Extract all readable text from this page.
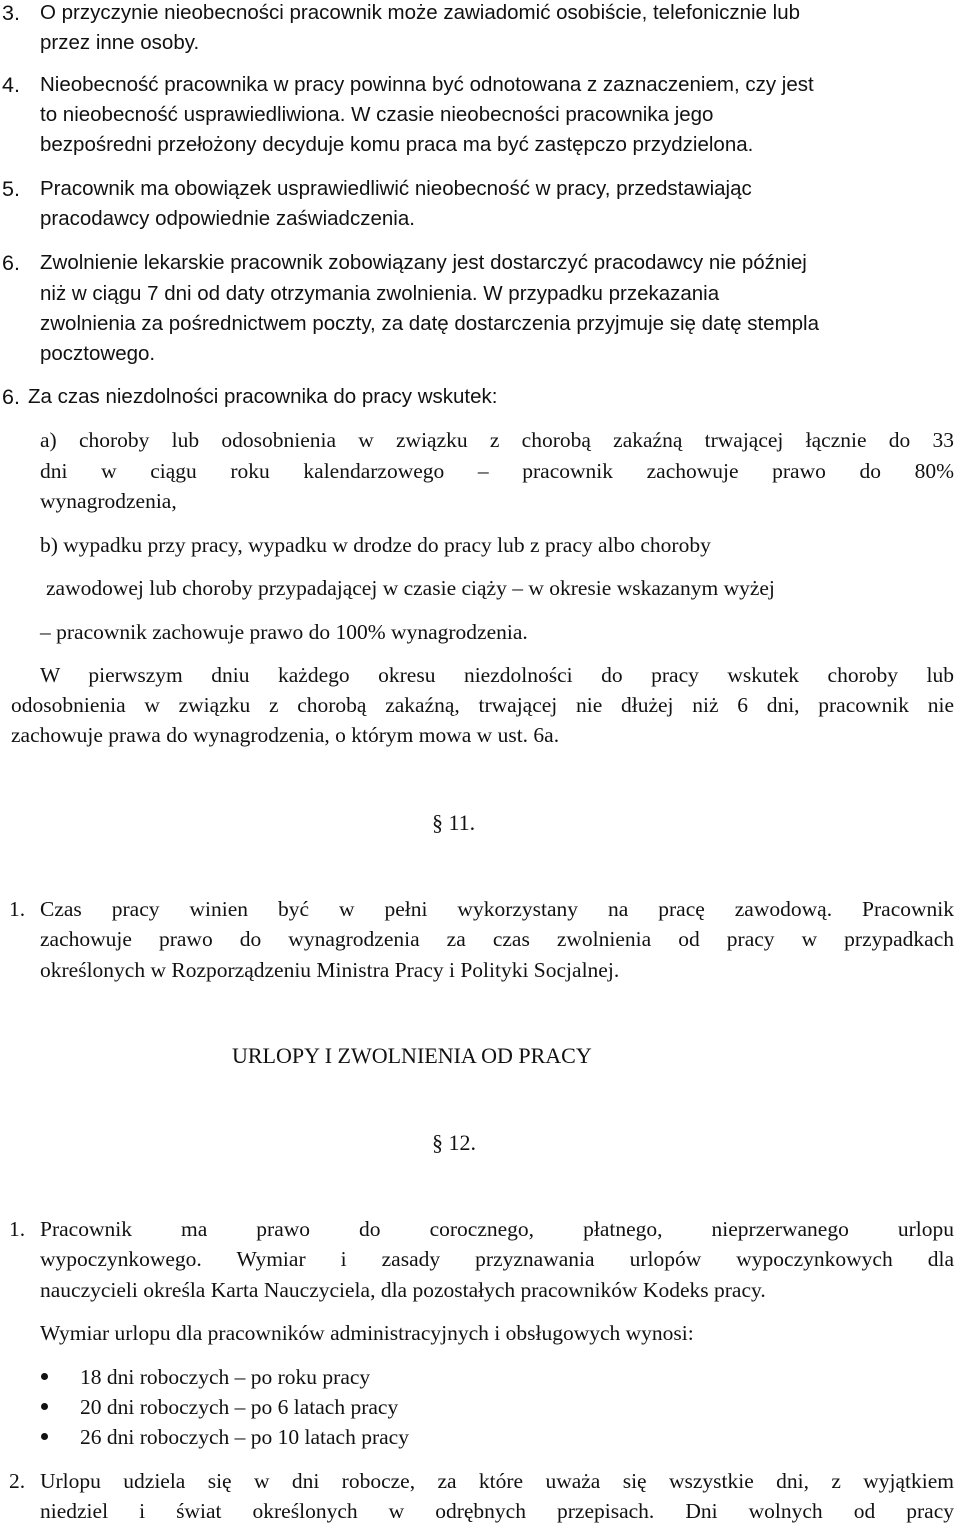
3. O przyczynie nieobecności pracownik może zawiadomić osobiście, telefonicznie lub

przez inne osoby.

4. Nieobecność pracownika w pracy powinna być odnotowana z zaznaczeniem, czy jest

to nieobecność usprawiedliwiona. W czasie nieobecności pracownika jego

bezpośredni przełożony decyduje komu praca ma być zastępczo przydzielona.

5. Pracownik ma obowiązek usprawiedliwić nieobecność w pracy, przedstawiając

pracodawcy odpowiednie zaświadczenia.

6. Zwolnienie lekarskie pracownik zobowiązany jest dostarczyć pracodawcy nie później

niż w ciągu 7 dni od daty otrzymania zwolnienia. W przypadku przekazania

zwolnienia za pośrednictwem poczty, za datę dostarczenia przyjmuje się datę stempla

pocztowego.

6. Za czas niezdolności pracownika do pracy wskutek:

a) choroby lub odosobnienia w związku z chorobą zakaźną trwającej łącznie do 33

dni w ciągu roku kalendarzowego – pracownik zachowuje prawo do 80%

wynagrodzenia,

b) wypadku przy pracy, wypadku w drodze do pracy lub z pracy albo choroby

zawodowej lub choroby przypadającej w czasie ciąży – w okresie wskazanym wyżej

– pracownik zachowuje prawo do 100% wynagrodzenia.

W pierwszym dniu każdego okresu niezdolności do pracy wskutek choroby lub

odosobnienia w związku z chorobą zakaźną, trwającej nie dłużej niż 6 dni, pracownik nie

zachowuje prawa do wynagrodzenia, o którym mowa w ust. 6a.

§ 11.
1. Czas pracy winien być w pełni wykorzystany na pracę zawodową. Pracownik

zachowuje prawo do wynagrodzenia za czas zwolnienia od pracy w przypadkach

określonych w Rozporządzeniu Ministra Pracy i Polityki Socjalnej.

URLOPY I ZWOLNIENIA OD PRACY
§ 12.
1. Pracownik ma prawo do corocznego, płatnego, nieprzerwanego urlopu

wypoczynkowego. Wymiar i zasady przyznawania urlopów wypoczynkowych dla

nauczycieli określa Karta Nauczyciela, dla pozostałych pracowników Kodeks pracy.

Wymiar urlopu dla pracowników administracyjnych i obsługowych wynosi:

18 dni roboczych – po roku pracy

20 dni roboczych – po 6 latach pracy

26 dni roboczych – po 10 latach pracy

2. Urlopu udziela się w dni robocze, za które uważa się wszystkie dni, z wyjątkiem

niedziel i świat określonych w odrębnych przepisach. Dni wolnych od pracy
